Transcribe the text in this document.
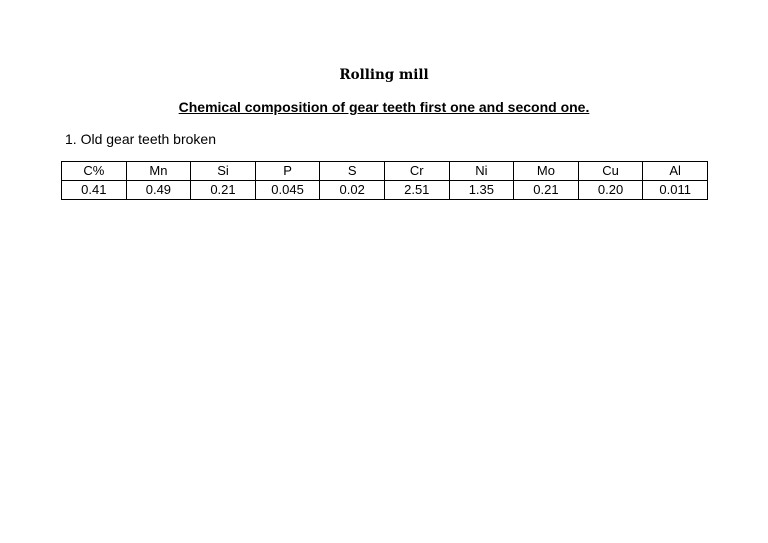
Rolling mill
Chemical composition of gear teeth first one and second one.
1. Old gear teeth broken
C%	Mn	Si	P	S	Cr	Ni	Mo	Cu	Al
0.41	0.49	0.21	0.045	0.02	2.51	1.35	0.21	0.20	0.011
